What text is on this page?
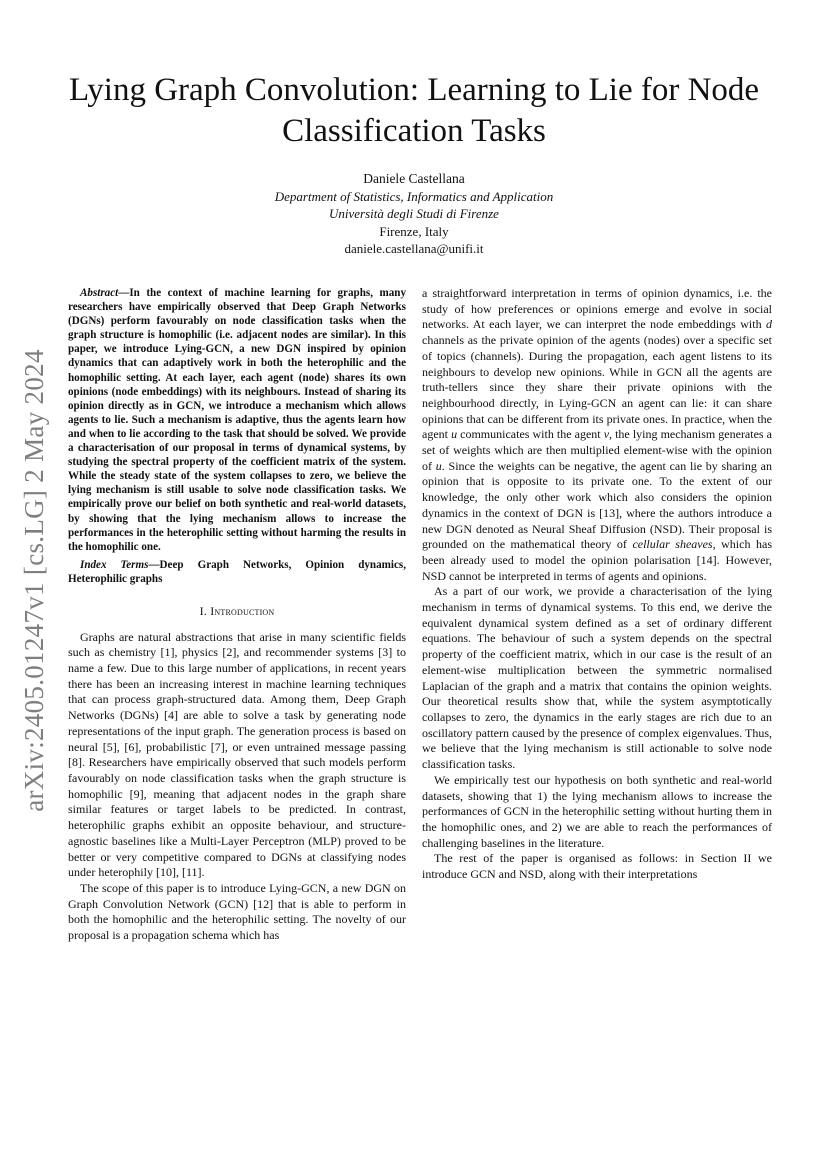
Lying Graph Convolution: Learning to Lie for Node Classification Tasks
Daniele Castellana
Department of Statistics, Informatics and Application
Università degli Studi di Firenze
Firenze, Italy
daniele.castellana@unifi.it
arXiv:2405.01247v1 [cs.LG] 2 May 2024

Abstract—In the context of machine learning for graphs, many researchers have empirically observed that Deep Graph Networks (DGNs) perform favourably on node classification tasks when the graph structure is homophilic (i.e. adjacent nodes are similar). In this paper, we introduce Lying-GCN, a new DGN inspired by opinion dynamics that can adaptively work in both the heterophilic and the homophilic setting. At each layer, each agent (node) shares its own opinions (node embeddings) with its neighbours. Instead of sharing its opinion directly as in GCN, we introduce a mechanism which allows agents to lie. Such a mechanism is adaptive, thus the agents learn how and when to lie according to the task that should be solved. We provide a characterisation of our proposal in terms of dynamical systems, by studying the spectral property of the coefficient matrix of the system. While the steady state of the system collapses to zero, we believe the lying mechanism is still usable to solve node classification tasks. We empirically prove our belief on both synthetic and real-world datasets, by showing that the lying mechanism allows to increase the performances in the heterophilic setting without harming the results in the homophilic one.

Index Terms—Deep Graph Networks, Opinion dynamics, Heterophilic graphs

I. Introduction

Graphs are natural abstractions that arise in many scientific fields such as chemistry [1], physics [2], and recommender systems [3] to name a few. Due to this large number of applications, in recent years there has been an increasing interest in machine learning techniques that can process graph-structured data. Among them, Deep Graph Networks (DGNs) [4] are able to solve a task by generating node representations of the input graph. The generation process is based on neural [5], [6], probabilistic [7], or even untrained message passing [8]. Researchers have empirically observed that such models perform favourably on node classification tasks when the graph structure is homophilic [9], meaning that adjacent nodes in the graph share similar features or target labels to be predicted. In contrast, heterophilic graphs exhibit an opposite behaviour, and structure-agnostic baselines like a Multi-Layer Perceptron (MLP) proved to be better or very competitive compared to DGNs at classifying nodes under heterophily [10], [11].

The scope of this paper is to introduce Lying-GCN, a new DGN on Graph Convolution Network (GCN) [12] that is able to perform in both the homophilic and the heterophilic setting. The novelty of our proposal is a propagation schema which has

a straightforward interpretation in terms of opinion dynamics, i.e. the study of how preferences or opinions emerge and evolve in social networks. At each layer, we can interpret the node embeddings with d channels as the private opinion of the agents (nodes) over a specific set of topics (channels). During the propagation, each agent listens to its neighbours to develop new opinions. While in GCN all the agents are truth-tellers since they share their private opinions with the neighbourhood directly, in Lying-GCN an agent can lie: it can share opinions that can be different from its private ones. In practice, when the agent u communicates with the agent v, the lying mechanism generates a set of weights which are then multiplied element-wise with the opinion of u. Since the weights can be negative, the agent can lie by sharing an opinion that is opposite to its private one. To the extent of our knowledge, the only other work which also considers the opinion dynamics in the context of DGN is [13], where the authors introduce a new DGN denoted as Neural Sheaf Diffusion (NSD). Their proposal is grounded on the mathematical theory of cellular sheaves, which has been already used to model the opinion polarisation [14]. However, NSD cannot be interpreted in terms of agents and opinions.

As a part of our work, we provide a characterisation of the lying mechanism in terms of dynamical systems. To this end, we derive the equivalent dynamical system defined as a set of ordinary different equations. The behaviour of such a system depends on the spectral property of the coefficient matrix, which in our case is the result of an element-wise multiplication between the symmetric normalised Laplacian of the graph and a matrix that contains the opinion weights. Our theoretical results show that, while the system asymptotically collapses to zero, the dynamics in the early stages are rich due to an oscillatory pattern caused by the presence of complex eigenvalues. Thus, we believe that the lying mechanism is still actionable to solve node classification tasks.

We empirically test our hypothesis on both synthetic and real-world datasets, showing that 1) the lying mechanism allows to increase the performances of GCN in the heterophilic setting without hurting them in the homophilic ones, and 2) we are able to reach the performances of challenging baselines in the literature.

The rest of the paper is organised as follows: in Section II we introduce GCN and NSD, along with their interpretations
